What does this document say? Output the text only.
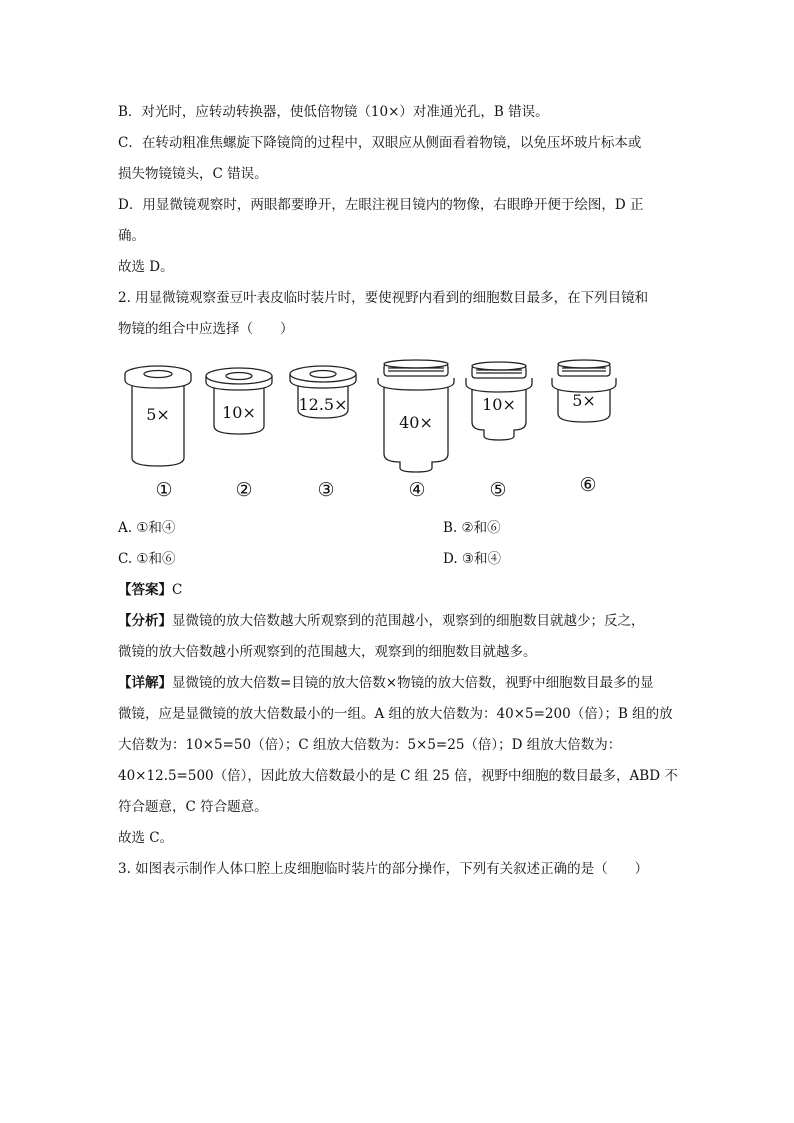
B．对光时，应转动转换器，使低倍物镜（10×）对准通光孔，B 错误。
C．在转动粗准焦螺旋下降镜筒的过程中，双眼应从侧面看着物镜，以免压坏玻片标本或
损失物镜镜头，C 错误。
D．用显微镜观察时，两眼都要睁开，左眼注视目镜内的物像，右眼睁开便于绘图，D 正
确。
故选 D。
2. 用显微镜观察蚕豆叶表皮临时装片时，要使视野内看到的细胞数目最多，在下列目镜和
物镜的组合中应选择（　　）
5×	10×	12.5×
40×
10×	5×
①	②	③	④	⑤	⑥
A. ①和④	B. ②和⑥
C. ①和⑥	D. ③和④
【答案】C
【分析】显微镜的放大倍数越大所观察到的范围越小，观察到的细胞数目就越少；反之，
微镜的放大倍数越小所观察到的范围越大，观察到的细胞数目就越多。
【详解】显微镜的放大倍数=目镜的放大倍数×物镜的放大倍数，视野中细胞数目最多的显
微镜，应是显微镜的放大倍数最小的一组。A 组的放大倍数为：40×5=200（倍）；B 组的放
大倍数为：10×5=50（倍）；C 组放大倍数为：5×5=25（倍）；D 组放大倍数为：
40×12.5=500（倍），因此放大倍数最小的是 C 组 25 倍，视野中细胞的数目最多，ABD 不
符合题意，C 符合题意。
故选 C。
3. 如图表示制作人体口腔上皮细胞临时装片的部分操作，下列有关叙述正确的是（　　）
